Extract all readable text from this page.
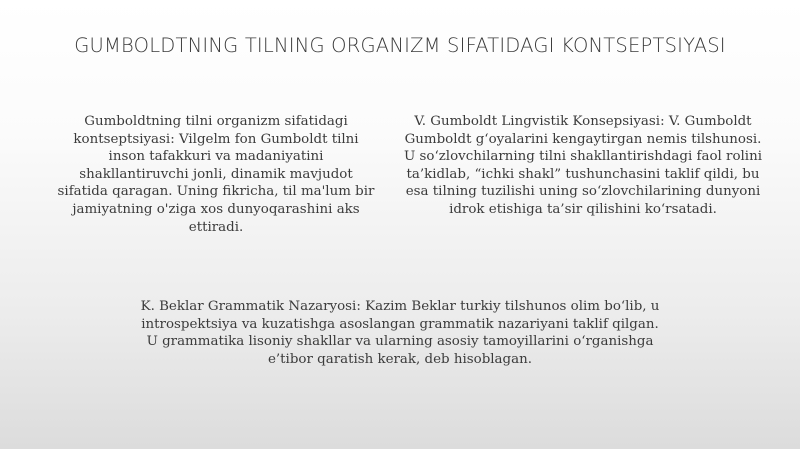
GUMBOLDTNING TILNING ORGANIZM SIFATIDAGI KONTSEPTSIYASI
Gumboldtning tilni organizm sifatidagi kontseptsiyasi: Vilgelm fon Gumboldt tilni inson tafakkuri va madaniyatini shakllantiruvchi jonli, dinamik mavjudot sifatida qaragan. Uning fikricha, til ma'lum bir jamiyatning o'ziga xos dunyoqarashini aks ettiradi.
V. Gumboldt Lingvistik Konsepsiyasi: V. Gumboldt Gumboldt g‘oyalarini kengaytirgan nemis tilshunosi. U so‘zlovchilarning tilni shakllantirishdagi faol rolini ta’kidlab, “ichki shakl” tushunchasini taklif qildi, bu esa tilning tuzilishi uning so‘zlovchilarining dunyoni idrok etishiga ta’sir qilishini ko‘rsatadi.
K. Beklar Grammatik Nazaryosi: Kazim Beklar turkiy tilshunos olim bo‘lib, u introspektsiya va kuzatishga asoslangan grammatik nazariyani taklif qilgan. U grammatika lisoniy shakllar va ularning asosiy tamoyillarini o‘rganishga e’tibor qaratish kerak, deb hisoblagan.
